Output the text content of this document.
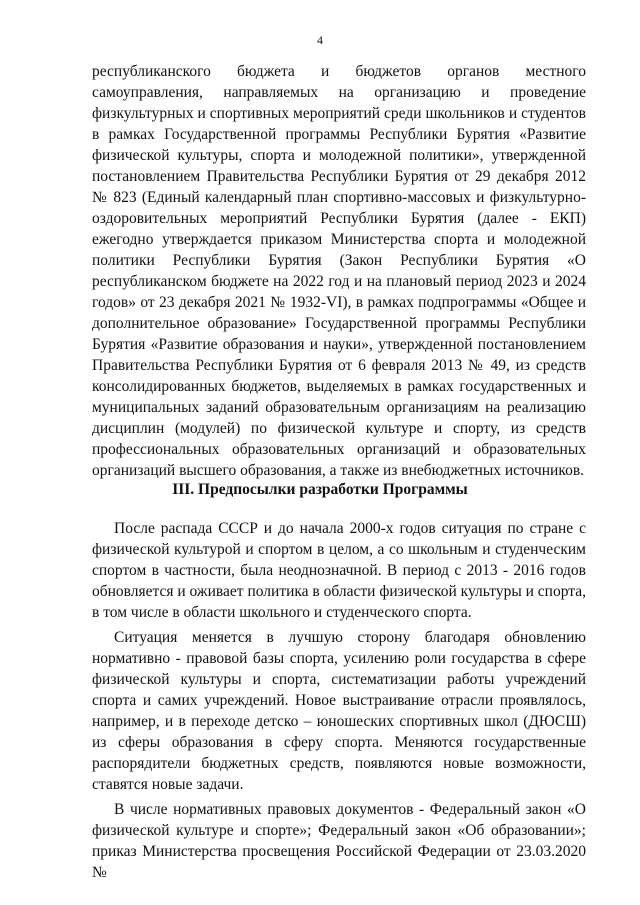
4

республиканского бюджета и бюджетов органов местного самоуправления, направляемых на организацию и проведение физкультурных и спортивных мероприятий среди школьников и студентов в рамках Государственной программы Республики Бурятия «Развитие физической культуры, спорта и молодежной политики», утвержденной постановлением Правительства Республики Бурятия от 29 декабря 2012 № 823 (Единый календарный план спортивно-массовых и физкультурно-оздоровительных мероприятий Республики Бурятия (далее - ЕКП) ежегодно утверждается приказом Министерства спорта и молодежной политики Республики Бурятия (Закон Республики Бурятия «О республиканском бюджете на 2022 год и на плановый период 2023 и 2024 годов» от 23 декабря 2021 № 1932-VI), в рамках подпрограммы «Общее и дополнительное образование» Государственной программы Республики Бурятия «Развитие образования и науки», утвержденной постановлением Правительства Республики Бурятия от 6 февраля 2013 № 49, из средств консолидированных бюджетов, выделяемых в рамках государственных и муниципальных заданий образовательным организациям на реализацию дисциплин (модулей) по физической культуре и спорту, из средств профессиональных образовательных организаций и образовательных организаций высшего образования, а также из внебюджетных источников.

III. Предпосылки разработки Программы

После распада СССР и до начала 2000-х годов ситуация по стране с физической культурой и спортом в целом, а со школьным и студенческим спортом в частности, была неоднозначной. В период с 2013 - 2016 годов обновляется и оживает политика в области физической культуры и спорта, в том числе в области школьного и студенческого спорта.

Ситуация меняется в лучшую сторону благодаря обновлению нормативно - правовой базы спорта, усилению роли государства в сфере физической культуры и спорта, систематизации работы учреждений спорта и самих учреждений. Новое выстраивание отрасли проявлялось, например, и в переходе детско – юношеских спортивных школ (ДЮСШ) из сферы образования в сферу спорта. Меняются государственные распорядители бюджетных средств, появляются новые возможности, ставятся новые задачи.

В числе нормативных правовых документов - Федеральный закон «О физической культуре и спорте»; Федеральный закон «Об образовании»; приказ Министерства просвещения Российской Федерации от 23.03.2020 №
